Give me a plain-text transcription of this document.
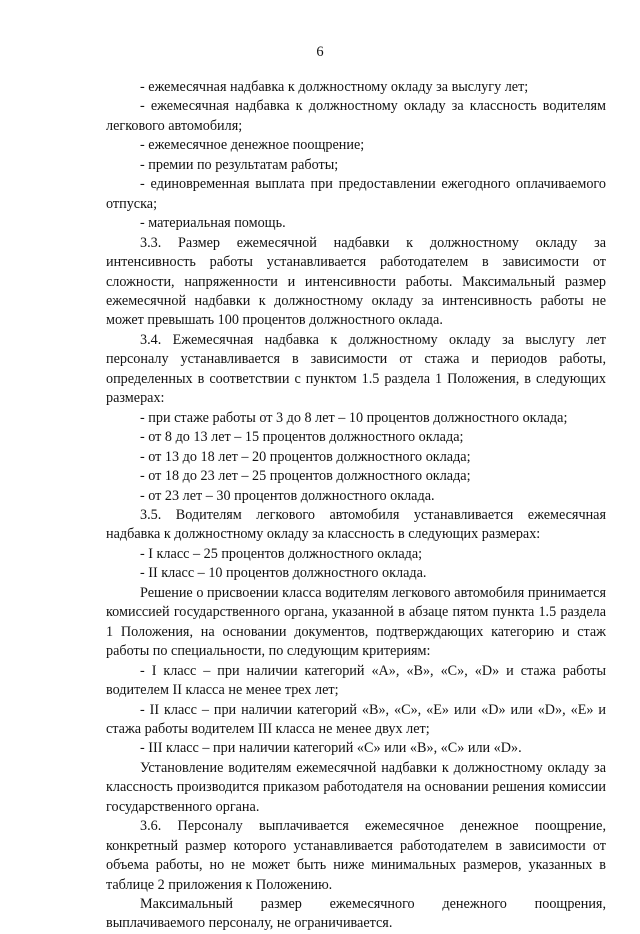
6

- ежемесячная надбавка к должностному окладу за выслугу лет;

- ежемесячная надбавка к должностному окладу за классность водителям легкового автомобиля;

- ежемесячное денежное поощрение;

- премии по результатам работы;

- единовременная выплата при предоставлении ежегодного оплачиваемого отпуска;

- материальная помощь.

3.3. Размер ежемесячной надбавки к должностному окладу за интенсивность работы устанавливается работодателем в зависимости от сложности, напряженности и интенсивности работы. Максимальный размер ежемесячной надбавки к должностному окладу за интенсивность работы не может превышать 100 процентов должностного оклада.

3.4. Ежемесячная надбавка к должностному окладу за выслугу лет персоналу устанавливается в зависимости от стажа и периодов работы, определенных в соответствии с пунктом 1.5 раздела 1 Положения, в следующих размерах:

- при стаже работы от 3 до 8 лет – 10 процентов должностного оклада;

- от 8 до 13 лет – 15 процентов должностного оклада;

- от 13 до 18 лет – 20 процентов должностного оклада;

- от 18 до 23 лет – 25 процентов должностного оклада;

- от 23 лет – 30 процентов должностного оклада.

3.5. Водителям легкового автомобиля устанавливается ежемесячная надбавка к должностному окладу за классность в следующих размерах:

- I класс – 25 процентов должностного оклада;

- II класс – 10 процентов должностного оклада.

Решение о присвоении класса водителям легкового автомобиля принимается комиссией государственного органа, указанной в абзаце пятом пункта 1.5 раздела 1 Положения, на основании документов, подтверждающих категорию и стаж работы по специальности, по следующим критериям:

- I класс – при наличии категорий «А», «В», «С», «D» и стажа работы водителем II класса не менее трех лет;

- II класс – при наличии категорий «В», «С», «Е» или «D» или «D», «Е» и стажа работы водителем III класса не менее двух лет;

- III класс – при наличии категорий «С» или «В», «С» или «D».

Установление водителям ежемесячной надбавки к должностному окладу за классность производится приказом работодателя на основании решения комиссии государственного органа.

3.6. Персоналу выплачивается ежемесячное денежное поощрение, конкретный размер которого устанавливается работодателем в зависимости от объема работы, но не может быть ниже минимальных размеров, указанных в таблице 2 приложения к Положению.

Максимальный размер ежемесячного денежного поощрения, выплачиваемого персоналу, не ограничивается.
